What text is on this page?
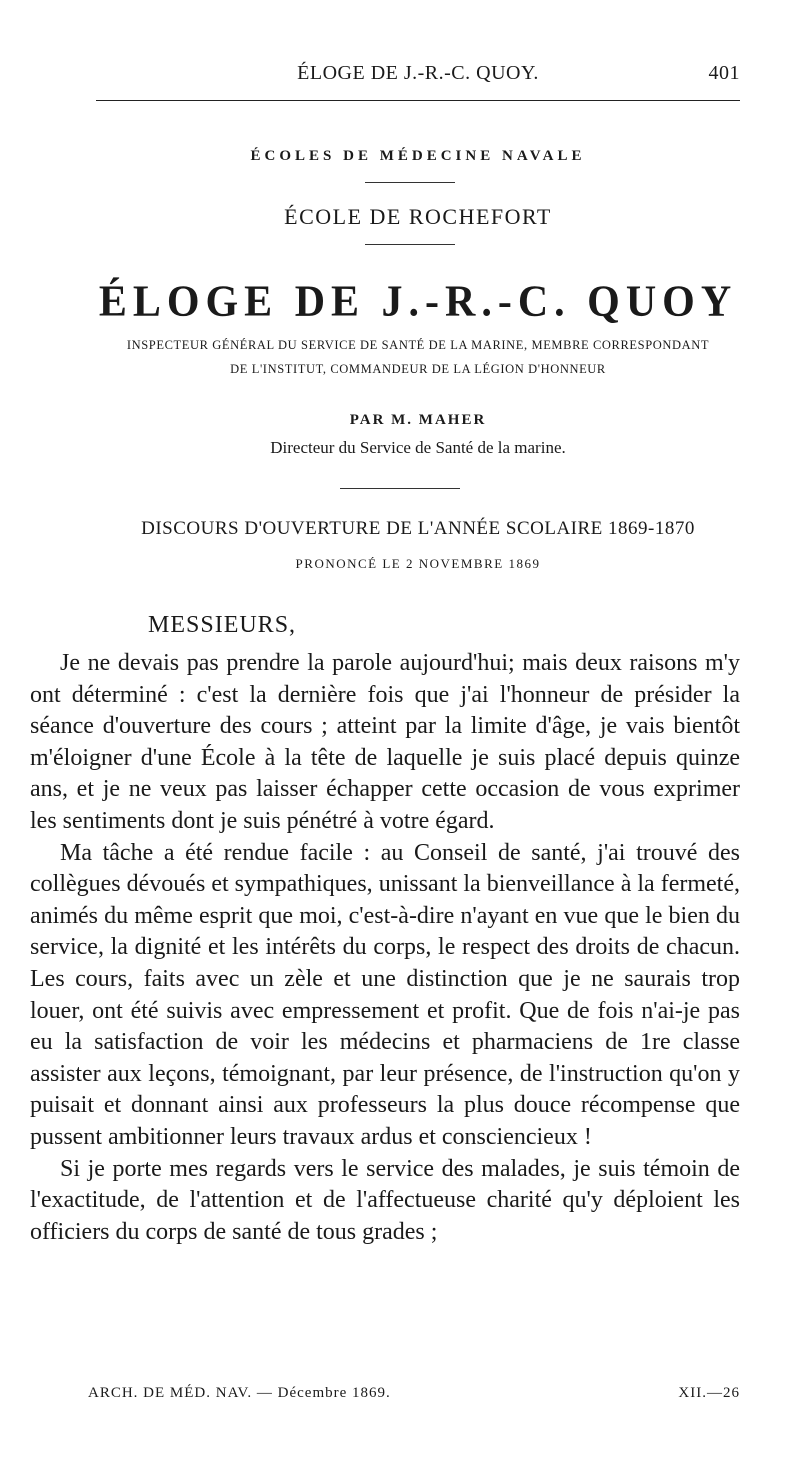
ÉLOGE DE J.-R.-C. QUOY.	401
ÉCOLES DE MÉDECINE NAVALE
ÉCOLE DE ROCHEFORT
ÉLOGE DE J.-R.-C. QUOY
INSPECTEUR GÉNÉRAL DU SERVICE DE SANTÉ DE LA MARINE, MEMBRE CORRESPONDANT
DE L'INSTITUT, COMMANDEUR DE LA LÉGION D'HONNEUR
PAR M. MAHER
Directeur du Service de Santé de la marine.
DISCOURS D'OUVERTURE DE L'ANNÉE SCOLAIRE 1869-1870
PRONONCÉ LE 2 NOVEMBRE 1869
MESSIEURS,

Je ne devais pas prendre la parole aujourd'hui; mais deux raisons m'y ont déterminé : c'est la dernière fois que j'ai l'honneur de présider la séance d'ouverture des cours ; atteint par la limite d'âge, je vais bientôt m'éloigner d'une École à la tête de laquelle je suis placé depuis quinze ans, et je ne veux pas laisser échapper cette occasion de vous exprimer les sentiments dont je suis pénétré à votre égard.

Ma tâche a été rendue facile : au Conseil de santé, j'ai trouvé des collègues dévoués et sympathiques, unissant la bienveillance à la fermeté, animés du même esprit que moi, c'est-à-dire n'ayant en vue que le bien du service, la dignité et les intérêts du corps, le respect des droits de chacun. Les cours, faits avec un zèle et une distinction que je ne saurais trop louer, ont été suivis avec empressement et profit. Que de fois n'ai-je pas eu la satisfaction de voir les médecins et pharmaciens de 1re classe assister aux leçons, témoignant, par leur présence, de l'instruction qu'on y puisait et donnant ainsi aux professeurs la plus douce récompense que pussent ambitionner leurs travaux ardus et consciencieux !

Si je porte mes regards vers le service des malades, je suis témoin de l'exactitude, de l'attention et de l'affectueuse charité qu'y déploient les officiers du corps de santé de tous grades ;

ARCH. DE MÉD. NAV. — Décembre 1869.	XII.—26
